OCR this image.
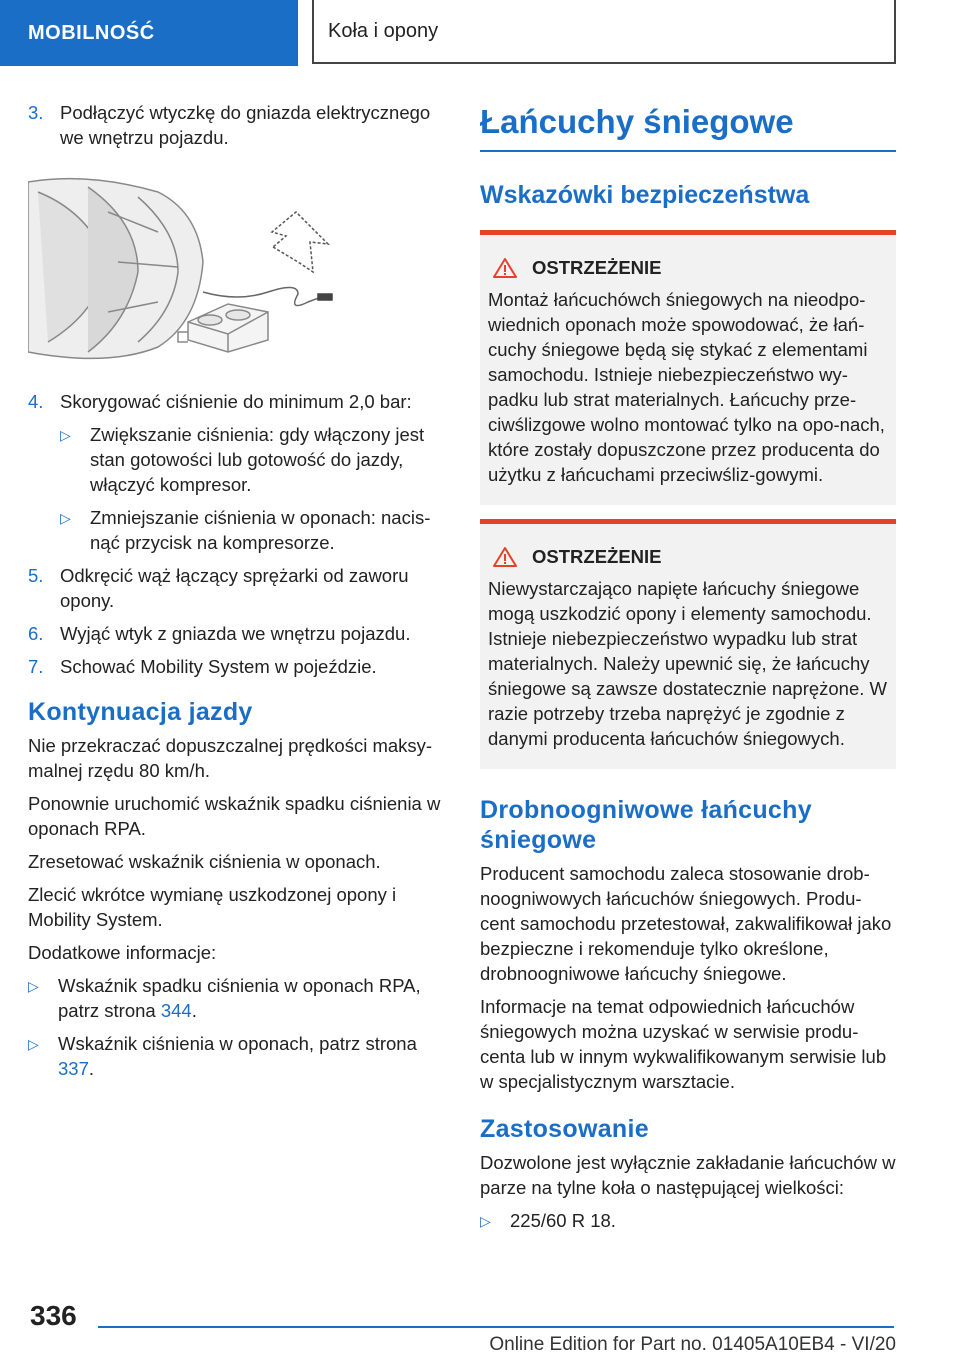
MOBILNOŚĆ	Koła i opony
3. Podłączyć wtyczkę do gniazda elektrycznego we wnętrzu pojazdu.
4. Skorygować ciśnienie do minimum 2,0 bar:
▷	Zwiększanie ciśnienia: gdy włączony jest stan gotowości lub gotowość do jazdy, włączyć kompresor.
▷	Zmniejszanie ciśnienia w oponach: nacis‐nąć przycisk na kompresorze.
5. Odkręcić wąż łączący sprężarki od zaworu opony.
6. Wyjąć wtyk z gniazda we wnętrzu pojazdu.
7. Schować Mobility System w pojeździe.
Kontynuacja jazdy

Nie przekraczać dopuszczalnej prędkości maksy‐malnej rzędu 80 km/h.

Ponownie uruchomić wskaźnik spadku ciśnienia w oponach RPA.

Zresetować wskaźnik ciśnienia w oponach.

Zlecić wkrótce wymianę uszkodzonej opony i Mobility System.

Dodatkowe informacje:

▷	Wskaźnik spadku ciśnienia w oponach RPA, patrz strona 344.
▷	Wskaźnik ciśnienia w oponach, patrz strona 337.
Łańcuchy śniegowe
Wskazówki bezpieczeństwa
OSTRZEŻENIE
Montaż łańcuchówch śniegowych na nieodpo‐wiednich oponach może spowodować, że łań‐cuchy śniegowe będą się stykać z elementami samochodu. Istnieje niebezpieczeństwo wy‐padku lub strat materialnych. Łańcuchy prze‐ciwślizgowe wolno montować tylko na opo‐nach, które zostały dopuszczone przez producenta do użytku z łańcuchami przeciwśliz‐gowymi.
OSTRZEŻENIE
Niewystarczająco napięte łańcuchy śniegowe mogą uszkodzić opony i elementy samochodu. Istnieje niebezpieczeństwo wypadku lub strat materialnych. Należy upewnić się, że łańcuchy śniegowe są zawsze dostatecznie naprężone. W razie potrzeby trzeba naprężyć je zgodnie z danymi producenta łańcuchów śniegowych.
Drobnoogniwowe łańcuchy śniegowe

Producent samochodu zaleca stosowanie drob‐noogniwowych łańcuchów śniegowych. Produ‐cent samochodu przetestował, zakwalifikował jako bezpieczne i rekomenduje tylko określone, drobnoogniwowe łańcuchy śniegowe.

Informacje na temat odpowiednich łańcuchów śniegowych można uzyskać w serwisie produ‐centa lub w innym wykwalifikowanym serwisie lub w specjalistycznym warsztacie.

Zastosowanie

Dozwolone jest wyłącznie zakładanie łańcuchów w parze na tylne koła o następującej wielkości:

▷	225/60 R 18.
336
Online Edition for Part no. 01405A10EB4 - VI/20
